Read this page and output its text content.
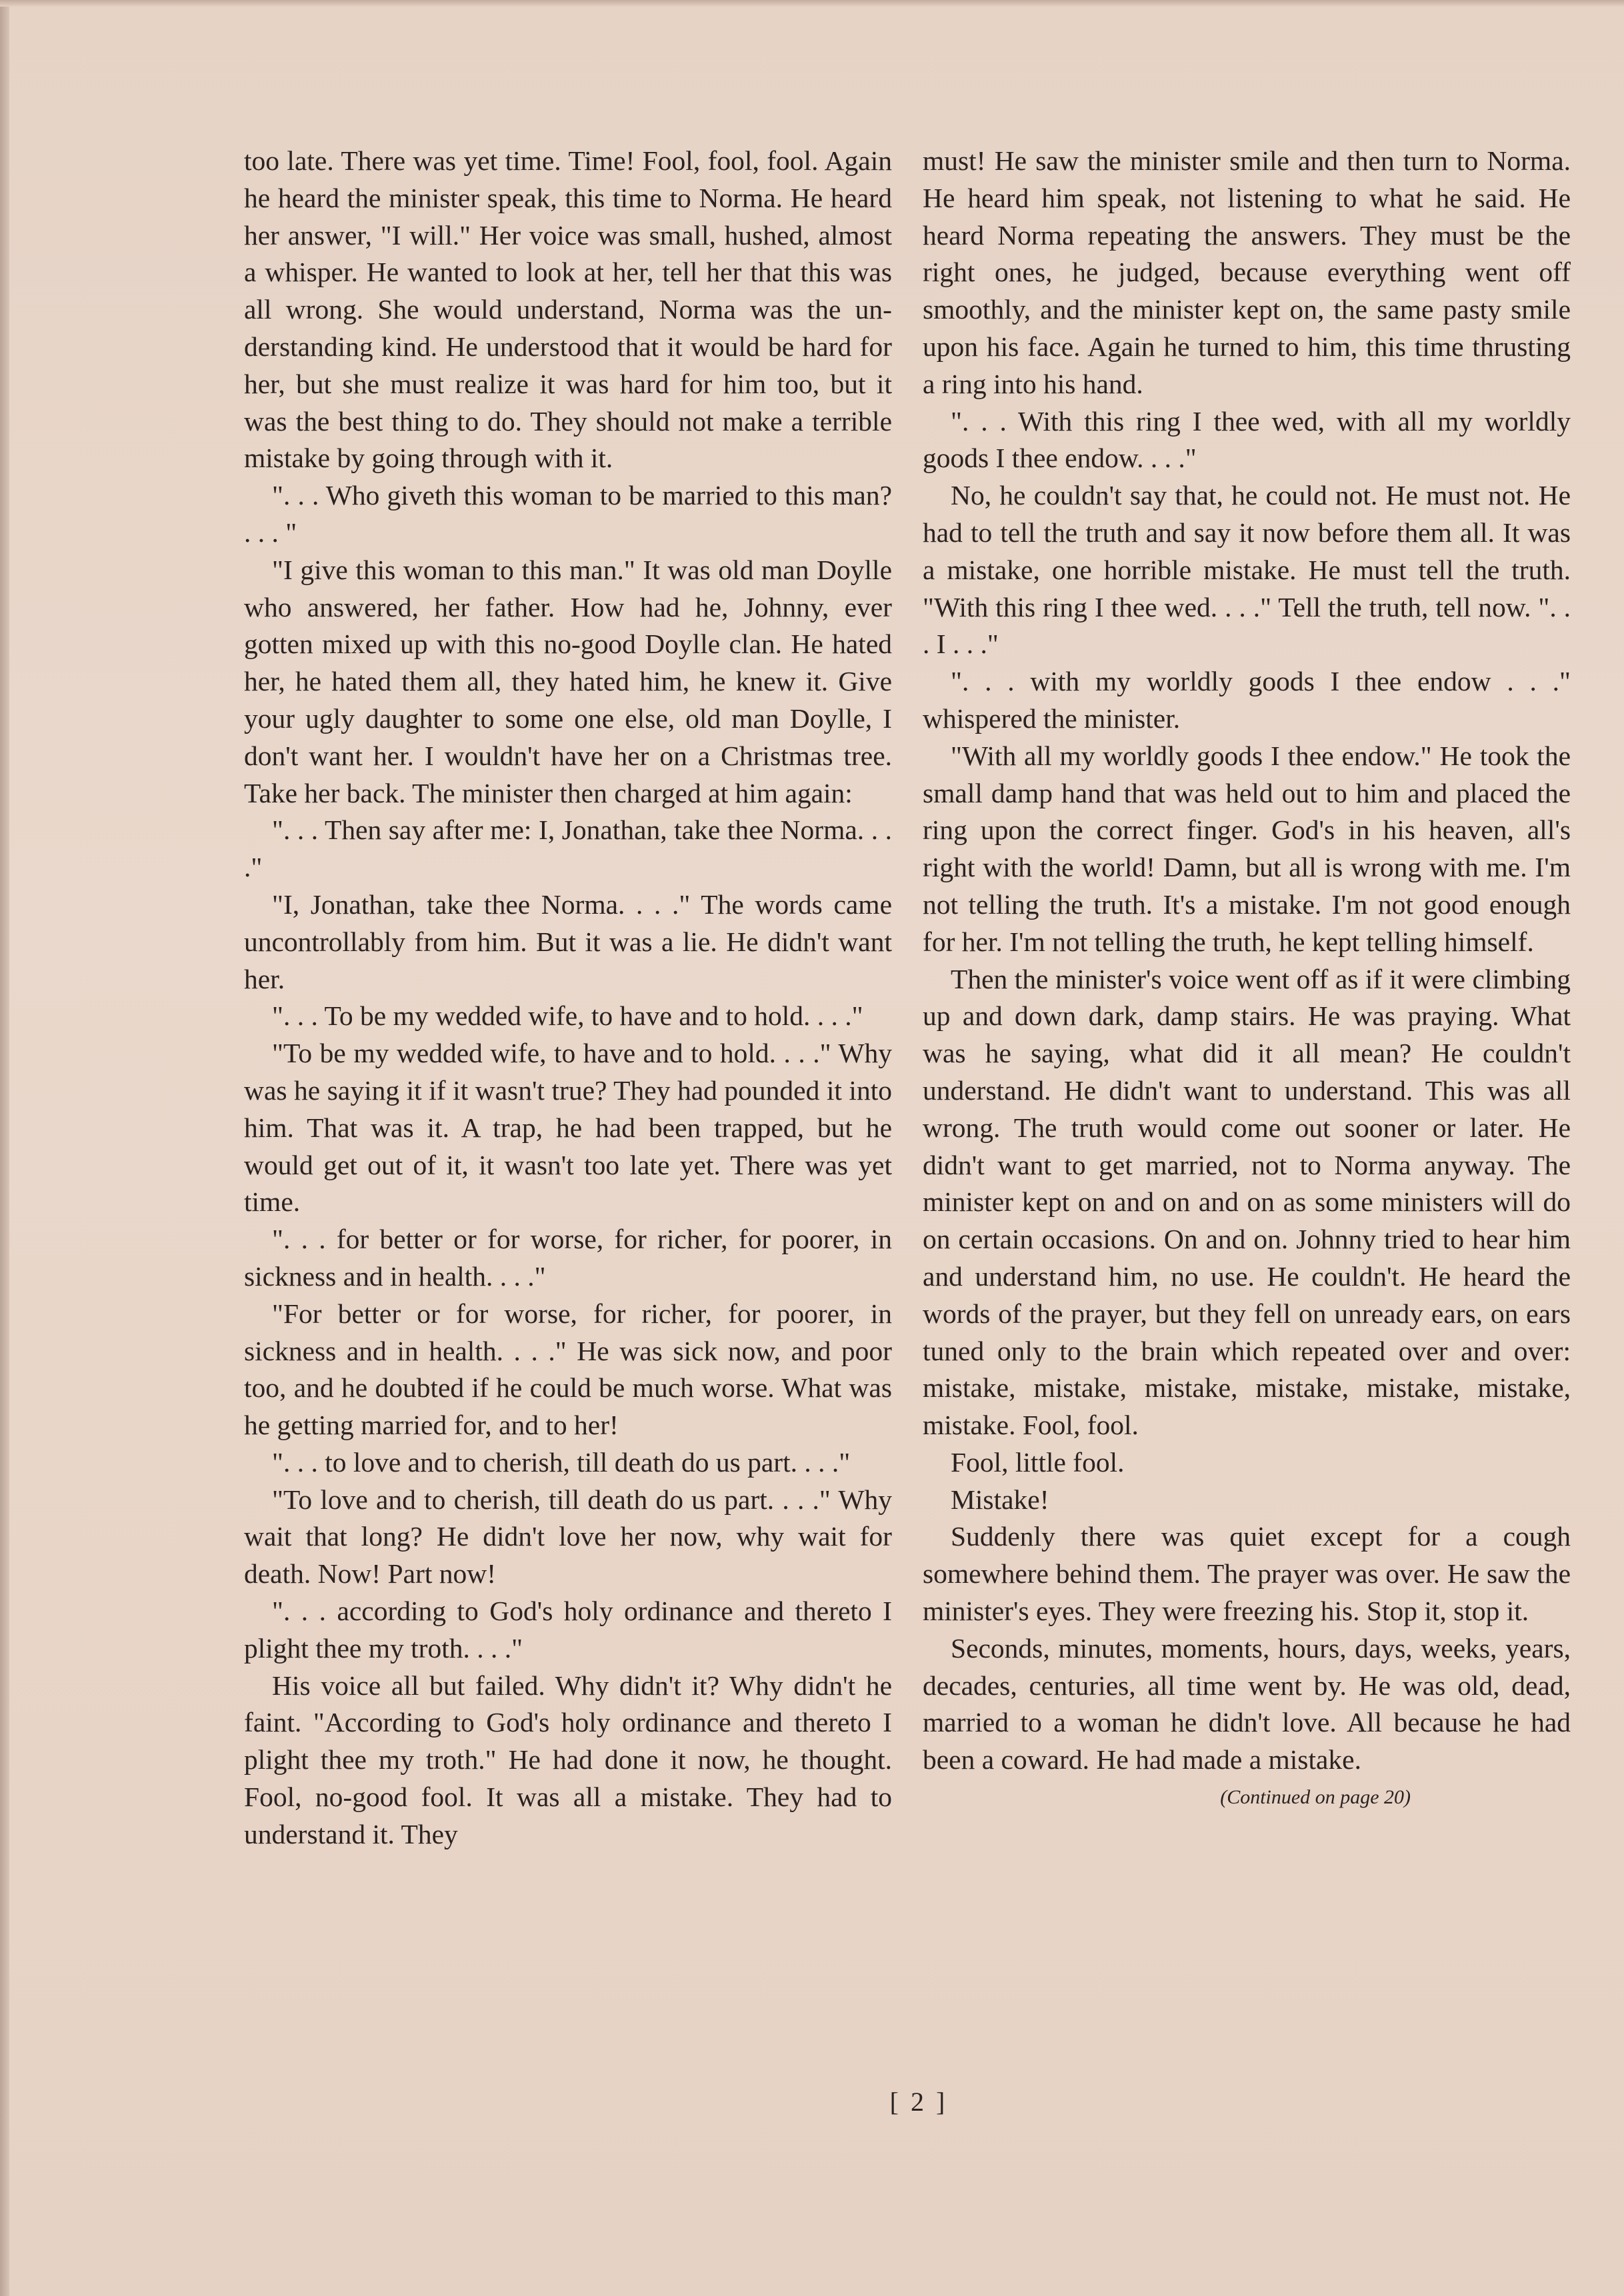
too late. There was yet time. Time! Fool, fool, fool. Again he heard the minister speak, this time to Norma. He heard her answer, "I will." Her voice was small, hushed, almost a whisper. He wanted to look at her, tell her that this was all wrong. She would understand, Norma was the understanding kind. He understood that it would be hard for her, but she must realize it was hard for him too, but it was the best thing to do. They should not make a terrible mistake by going through with it.

". . . Who giveth this woman to be married to this man? . . . "

"I give this woman to this man." It was old man Doylle who answered, her father. How had he, Johnny, ever gotten mixed up with this no-good Doylle clan. He hated her, he hated them all, they hated him, he knew it. Give your ugly daughter to some one else, old man Doylle, I don't want her. I wouldn't have her on a Christmas tree. Take her back. The minister then charged at him again:

". . . Then say after me: I, Jonathan, take thee Norma. . . ."

"I, Jonathan, take thee Norma. . . ." The words came uncontrollably from him. But it was a lie. He didn't want her.

". . . To be my wedded wife, to have and to hold. . . ."

"To be my wedded wife, to have and to hold. . . ." Why was he saying it if it wasn't true? They had pounded it into him. That was it. A trap, he had been trapped, but he would get out of it, it wasn't too late yet. There was yet time.

". . . for better or for worse, for richer, for poorer, in sickness and in health. . . ."

"For better or for worse, for richer, for poorer, in sickness and in health. . . ." He was sick now, and poor too, and he doubted if he could be much worse. What was he getting married for, and to her!

". . . to love and to cherish, till death do us part. . . ."

"To love and to cherish, till death do us part. . . ." Why wait that long? He didn't love her now, why wait for death. Now! Part now!

". . . according to God's holy ordinance and thereto I plight thee my troth. . . ."

His voice all but failed. Why didn't it? Why didn't he faint. "According to God's holy ordinance and thereto I plight thee my troth." He had done it now, he thought. Fool, no-good fool. It was all a mistake. They had to understand it. They

must! He saw the minister smile and then turn to Norma. He heard him speak, not listening to what he said. He heard Norma repeating the answers. They must be the right ones, he judged, because everything went off smoothly, and the minister kept on, the same pasty smile upon his face. Again he turned to him, this time thrusting a ring into his hand.

". . . With this ring I thee wed, with all my worldly goods I thee endow. . . ."

No, he couldn't say that, he could not. He must not. He had to tell the truth and say it now before them all. It was a mistake, one horrible mistake. He must tell the truth. "With this ring I thee wed. . . ." Tell the truth, tell now. ". . . I . . ."

". . . with my worldly goods I thee endow . . ." whispered the minister.

"With all my worldly goods I thee endow." He took the small damp hand that was held out to him and placed the ring upon the correct finger. God's in his heaven, all's right with the world! Damn, but all is wrong with me. I'm not telling the truth. It's a mistake. I'm not good enough for her. I'm not telling the truth, he kept telling himself.

Then the minister's voice went off as if it were climbing up and down dark, damp stairs. He was praying. What was he saying, what did it all mean? He couldn't understand. He didn't want to understand. This was all wrong. The truth would come out sooner or later. He didn't want to get married, not to Norma anyway. The minister kept on and on and on as some ministers will do on certain occasions. On and on. Johnny tried to hear him and understand him, no use. He couldn't. He heard the words of the prayer, but they fell on unready ears, on ears tuned only to the brain which repeated over and over: mistake, mistake, mistake, mistake, mistake, mistake, mistake. Fool, fool.

Fool, little fool.

Mistake!

Suddenly there was quiet except for a cough somewhere behind them. The prayer was over. He saw the minister's eyes. They were freezing his. Stop it, stop it.

Seconds, minutes, moments, hours, days, weeks, years, decades, centuries, all time went by. He was old, dead, married to a woman he didn't love. All because he had been a coward. He had made a mistake.

(Continued on page 20)

[ 2 ]
